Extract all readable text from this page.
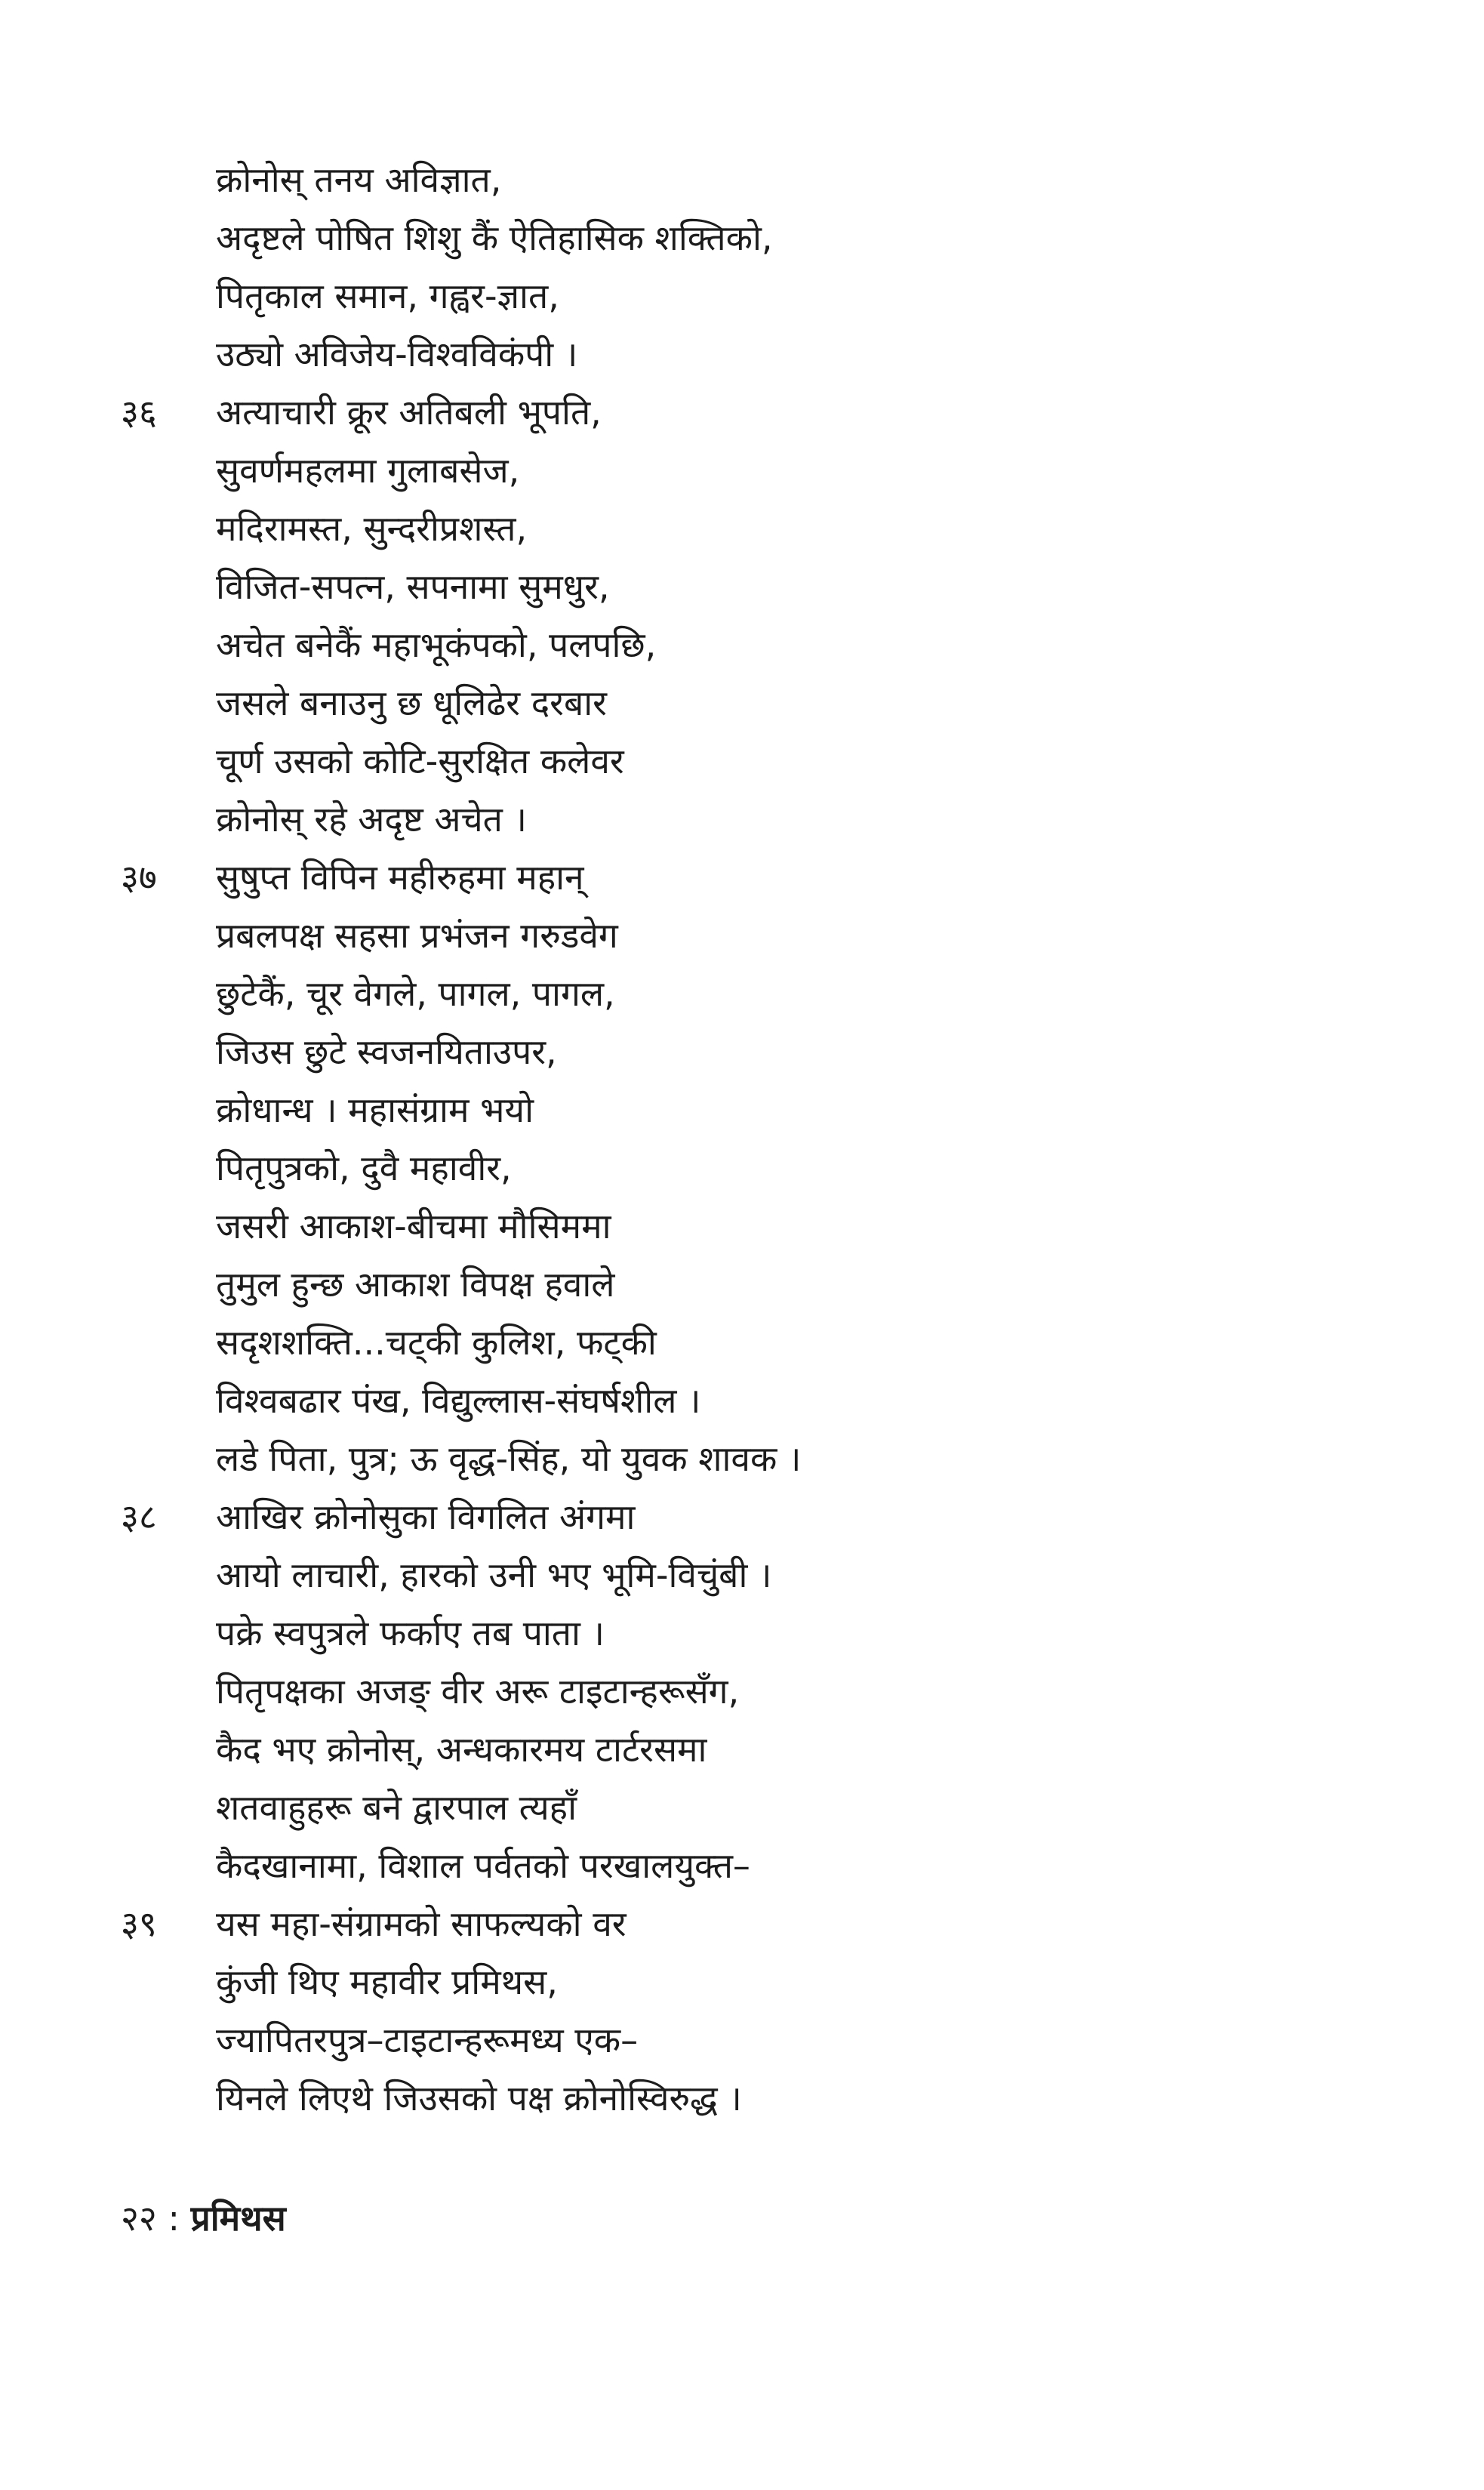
क्रोनोस् तनय अविज्ञात,
अदृष्टले पोषित शिशु कैं ऐतिहासिक शक्तिको,
पितृकाल समान, गह्वर-ज्ञात,
उठ्यो अविजेय-विश्वविकंपी ।
३६	अत्याचारी क्रूर अतिबली भूपति,
सुवर्णमहलमा गुलाबसेज,
मदिरामस्त, सुन्दरीप्रशस्त,
विजित-सपत्न, सपनामा सुमधुर,
अचेत बनेकैं महाभूकंपको, पलपछि,
जसले बनाउनु छ धूलिढेर दरबार
चूर्ण उसको कोटि-सुरक्षित कलेवर
क्रोनोस् रहे अदृष्ट अचेत ।
३७	सुषुप्त विपिन महीरुहमा महान्
प्रबलपक्ष सहसा प्रभंजन गरुडवेग
छुटेकैं, चूर वेगले, पागल, पागल,
जिउस छुटे स्वजनयिताउपर,
क्रोधान्ध । महासंग्राम भयो
पितृपुत्रको, दुवै महावीर,
जसरी आकाश-बीचमा मौसिममा
तुमुल हुन्छ आकाश विपक्ष हवाले
सदृशशक्ति...चट्की कुलिश, फट्की
विश्वबढार पंख, विद्युल्लास-संघर्षशील ।
लडे पिता, पुत्र; ऊ वृद्ध-सिंह, यो युवक शावक ।
३८	आखिर क्रोनोसुका विगलित अंगमा
आयो लाचारी, हारको उनी भए भूमि-विचुंबी ।
पक्रे स्वपुत्रले फर्काए तब पाता ।
पितृपक्षका अजङ् वीर अरू टाइटान्हरूसँग,
कैद भए क्रोनोस्, अन्धकारमय टार्टरसमा
शतवाहुहरू बने द्वारपाल त्यहाँ
कैदखानामा, विशाल पर्वतको परखालयुक्त–
३९	यस महा-संग्रामको साफल्यको वर
कुंजी थिए महावीर प्रमिथस,
ज्यापितरपुत्र–टाइटान्हरूमध्य एक–
यिनले लिएथे जिउसको पक्ष क्रोनोस्विरुद्ध ।
२२ : प्रमिथस
